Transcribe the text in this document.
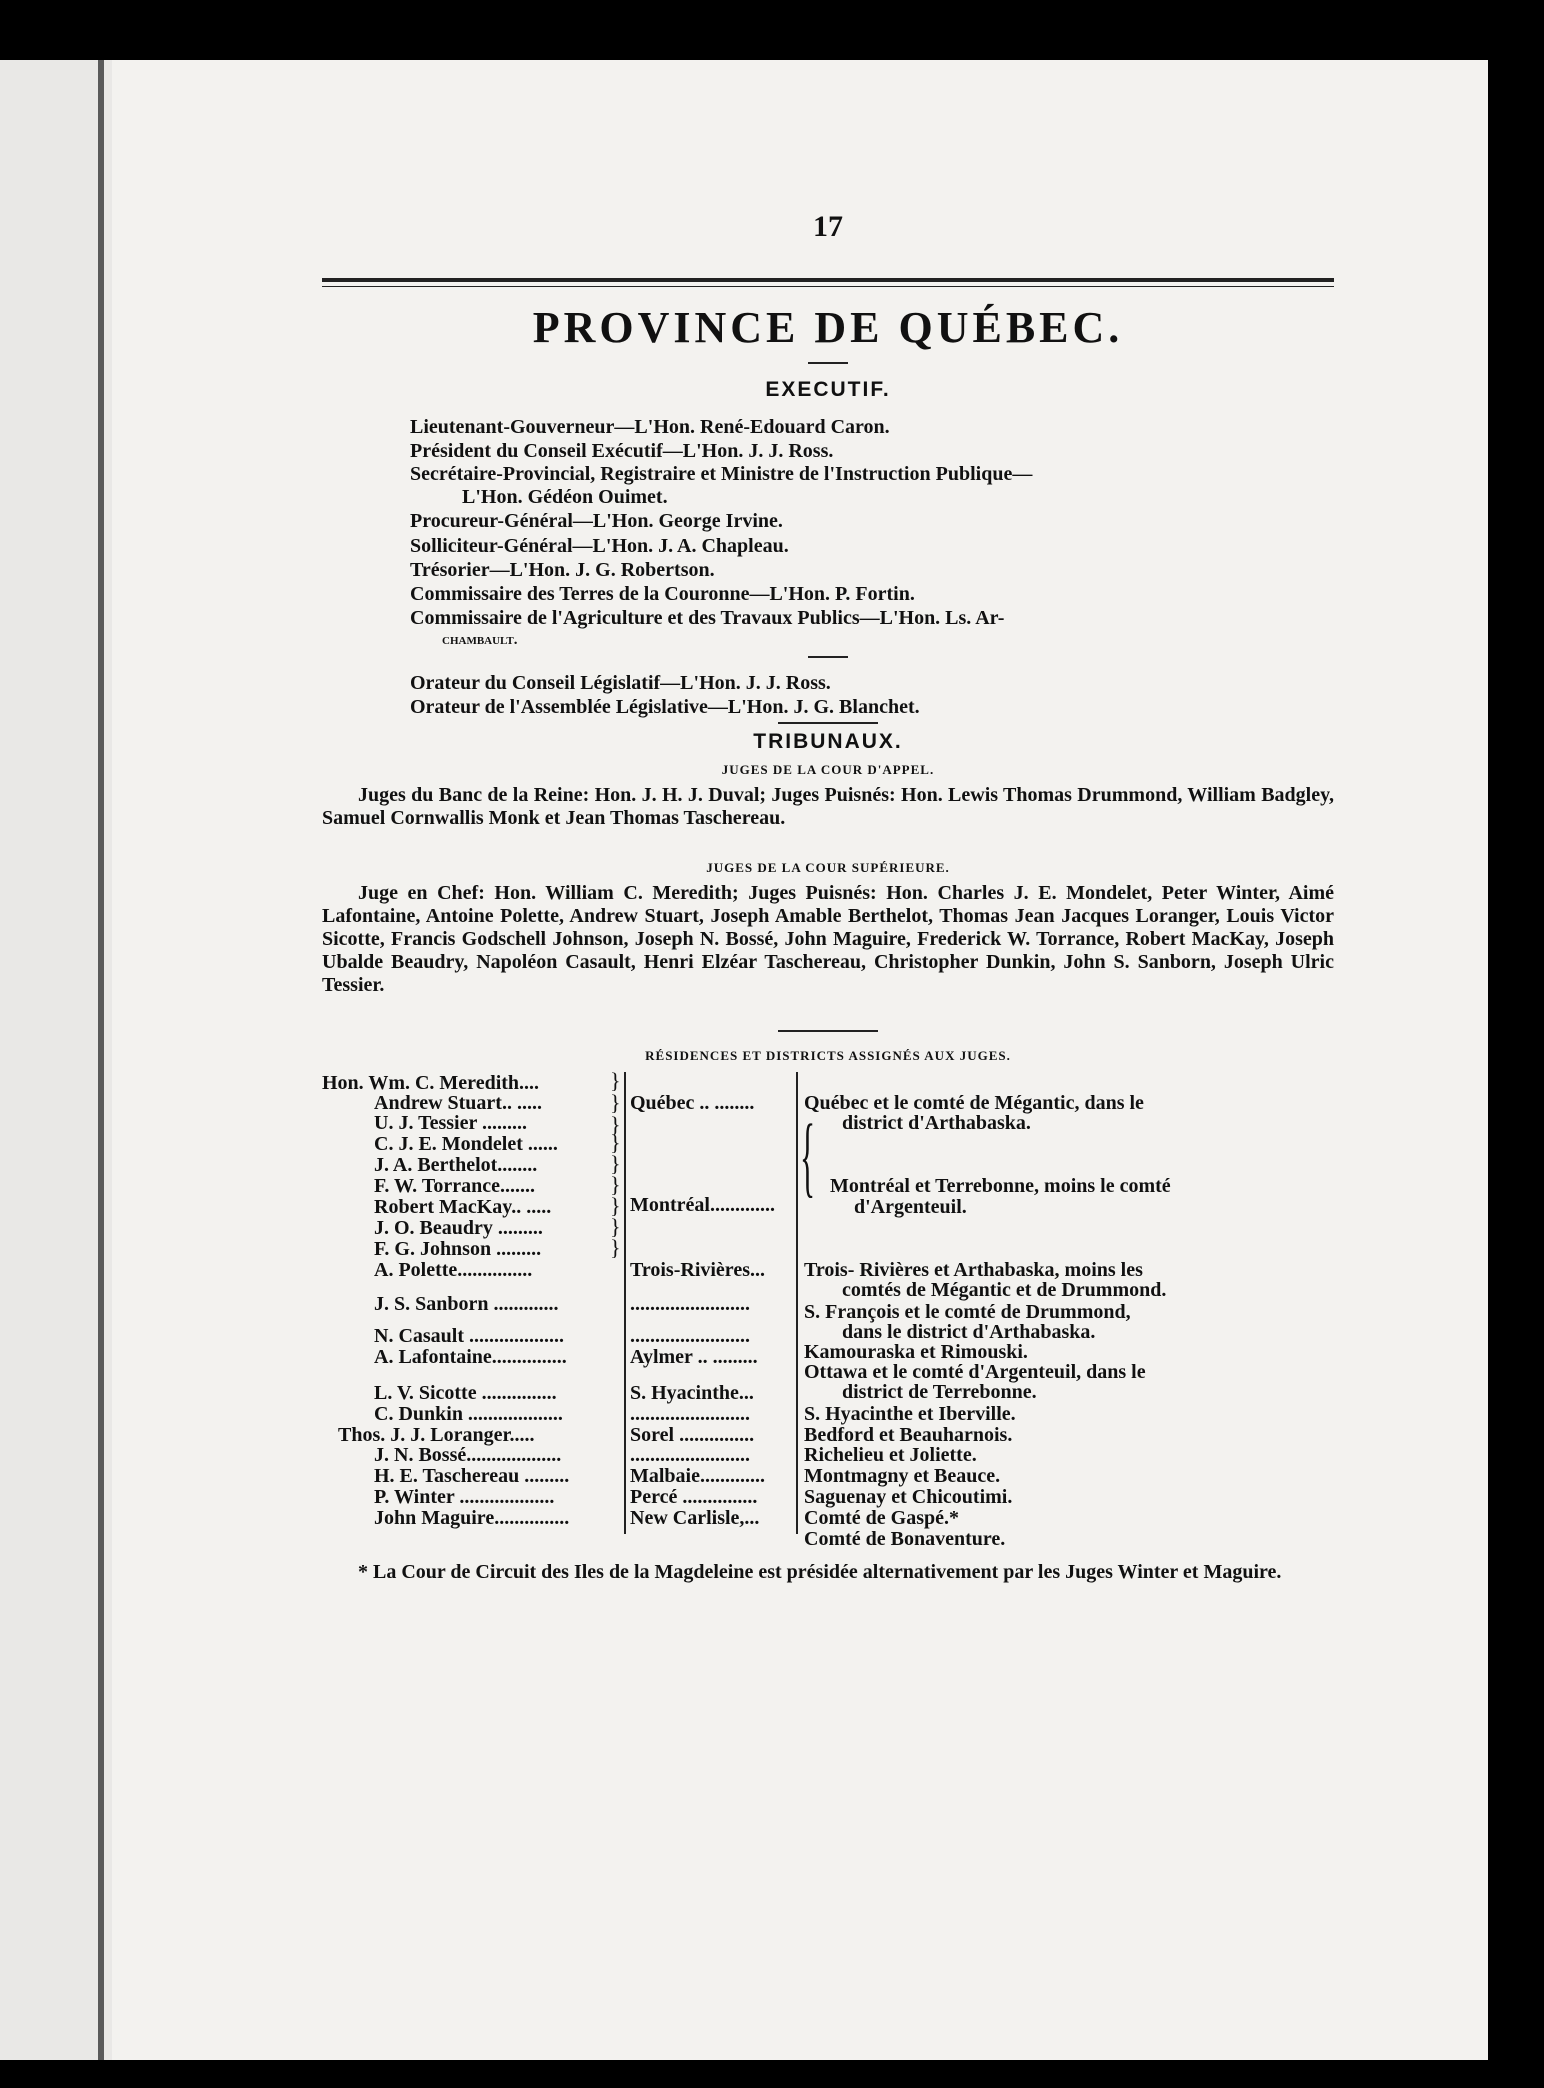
17
PROVINCE DE QUÉBEC.
EXECUTIF.
Lieutenant-Gouverneur—L'Hon. René-Edouard Caron.
Président du Conseil Exécutif—L'Hon. J. J. Ross.
Secrétaire-Provincial, Registraire et Ministre de l'Instruction Publique—
L'Hon. Gédéon Ouimet.
Procureur-Général—L'Hon. George Irvine.
Solliciteur-Général—L'Hon. J. A. Chapleau.
Trésorier—L'Hon. J. G. Robertson.
Commissaire des Terres de la Couronne—L'Hon. P. Fortin.
Commissaire de l'Agriculture et des Travaux Publics—L'Hon. Ls. Ar-
chambault.
Orateur du Conseil Législatif—L'Hon. J. J. Ross.
Orateur de l'Assemblée Législative—L'Hon. J. G. Blanchet.
TRIBUNAUX.
JUGES DE LA COUR D'APPEL.
Juges du Banc de la Reine: Hon. J. H. J. Duval; Juges Puisnés: Hon. Lewis Thomas Drummond, William Badgley, Samuel Cornwallis Monk et Jean Thomas Taschereau.
JUGES DE LA COUR SUPÉRIEURE.
Juge en Chef: Hon. William C. Meredith; Juges Puisnés: Hon. Charles J. E. Mondelet, Peter Winter, Aimé Lafontaine, Antoine Polette, Andrew Stuart, Joseph Amable Berthelot, Thomas Jean Jacques Loranger, Louis Victor Sicotte, Francis Godschell Johnson, Joseph N. Bossé, John Maguire, Frederick W. Torrance, Robert MacKay, Joseph Ubalde Beaudry, Napoléon Casault, Henri Elzéar Taschereau, Christopher Dunkin, John S. Sanborn, Joseph Ulric Tessier.
RÉSIDENCES ET DISTRICTS ASSIGNÉS AUX JUGES.
Hon. Wm. C. Meredith....
Andrew Stuart.. .....
U. J. Tessier .........
C. J. E. Mondelet ......
J. A. Berthelot........
F. W. Torrance.......
Robert MacKay.. .....
J. O. Beaudry .........
F. G. Johnson .........
A. Polette...............
J. S. Sanborn .............
N. Casault ...................
A. Lafontaine...............
L. V. Sicotte ...............
C. Dunkin ...................
Thos. J. J. Loranger.....
J. N. Bossé...................
H. E. Taschereau .........
P. Winter ...................
John Maguire...............
}
}
}
}
}
}
}
}
}
Québec .. ........
Montréal.............
Trois-Rivières...
........................
........................
Aylmer .. .........
S. Hyacinthe...
........................
Sorel ...............
........................
Malbaie.............
Percé ...............
New Carlisle,...
{
Québec et le comté de Mégantic, dans le
district d'Arthabaska.
Montréal et Terrebonne, moins le comté
d'Argenteuil.
Trois- Rivières et Arthabaska, moins les
comtés de Mégantic et de Drummond.
S. François et le comté de Drummond,
dans le district d'Arthabaska.
Kamouraska et Rimouski.
Ottawa et le comté d'Argenteuil, dans le
district de Terrebonne.
S. Hyacinthe et Iberville.
Bedford et Beauharnois.
Richelieu et Joliette.
Montmagny et Beauce.
Saguenay et Chicoutimi.
Comté de Gaspé.*
Comté de Bonaventure.
* La Cour de Circuit des Iles de la Magdeleine est présidée alternativement par les Juges Winter et Maguire.
